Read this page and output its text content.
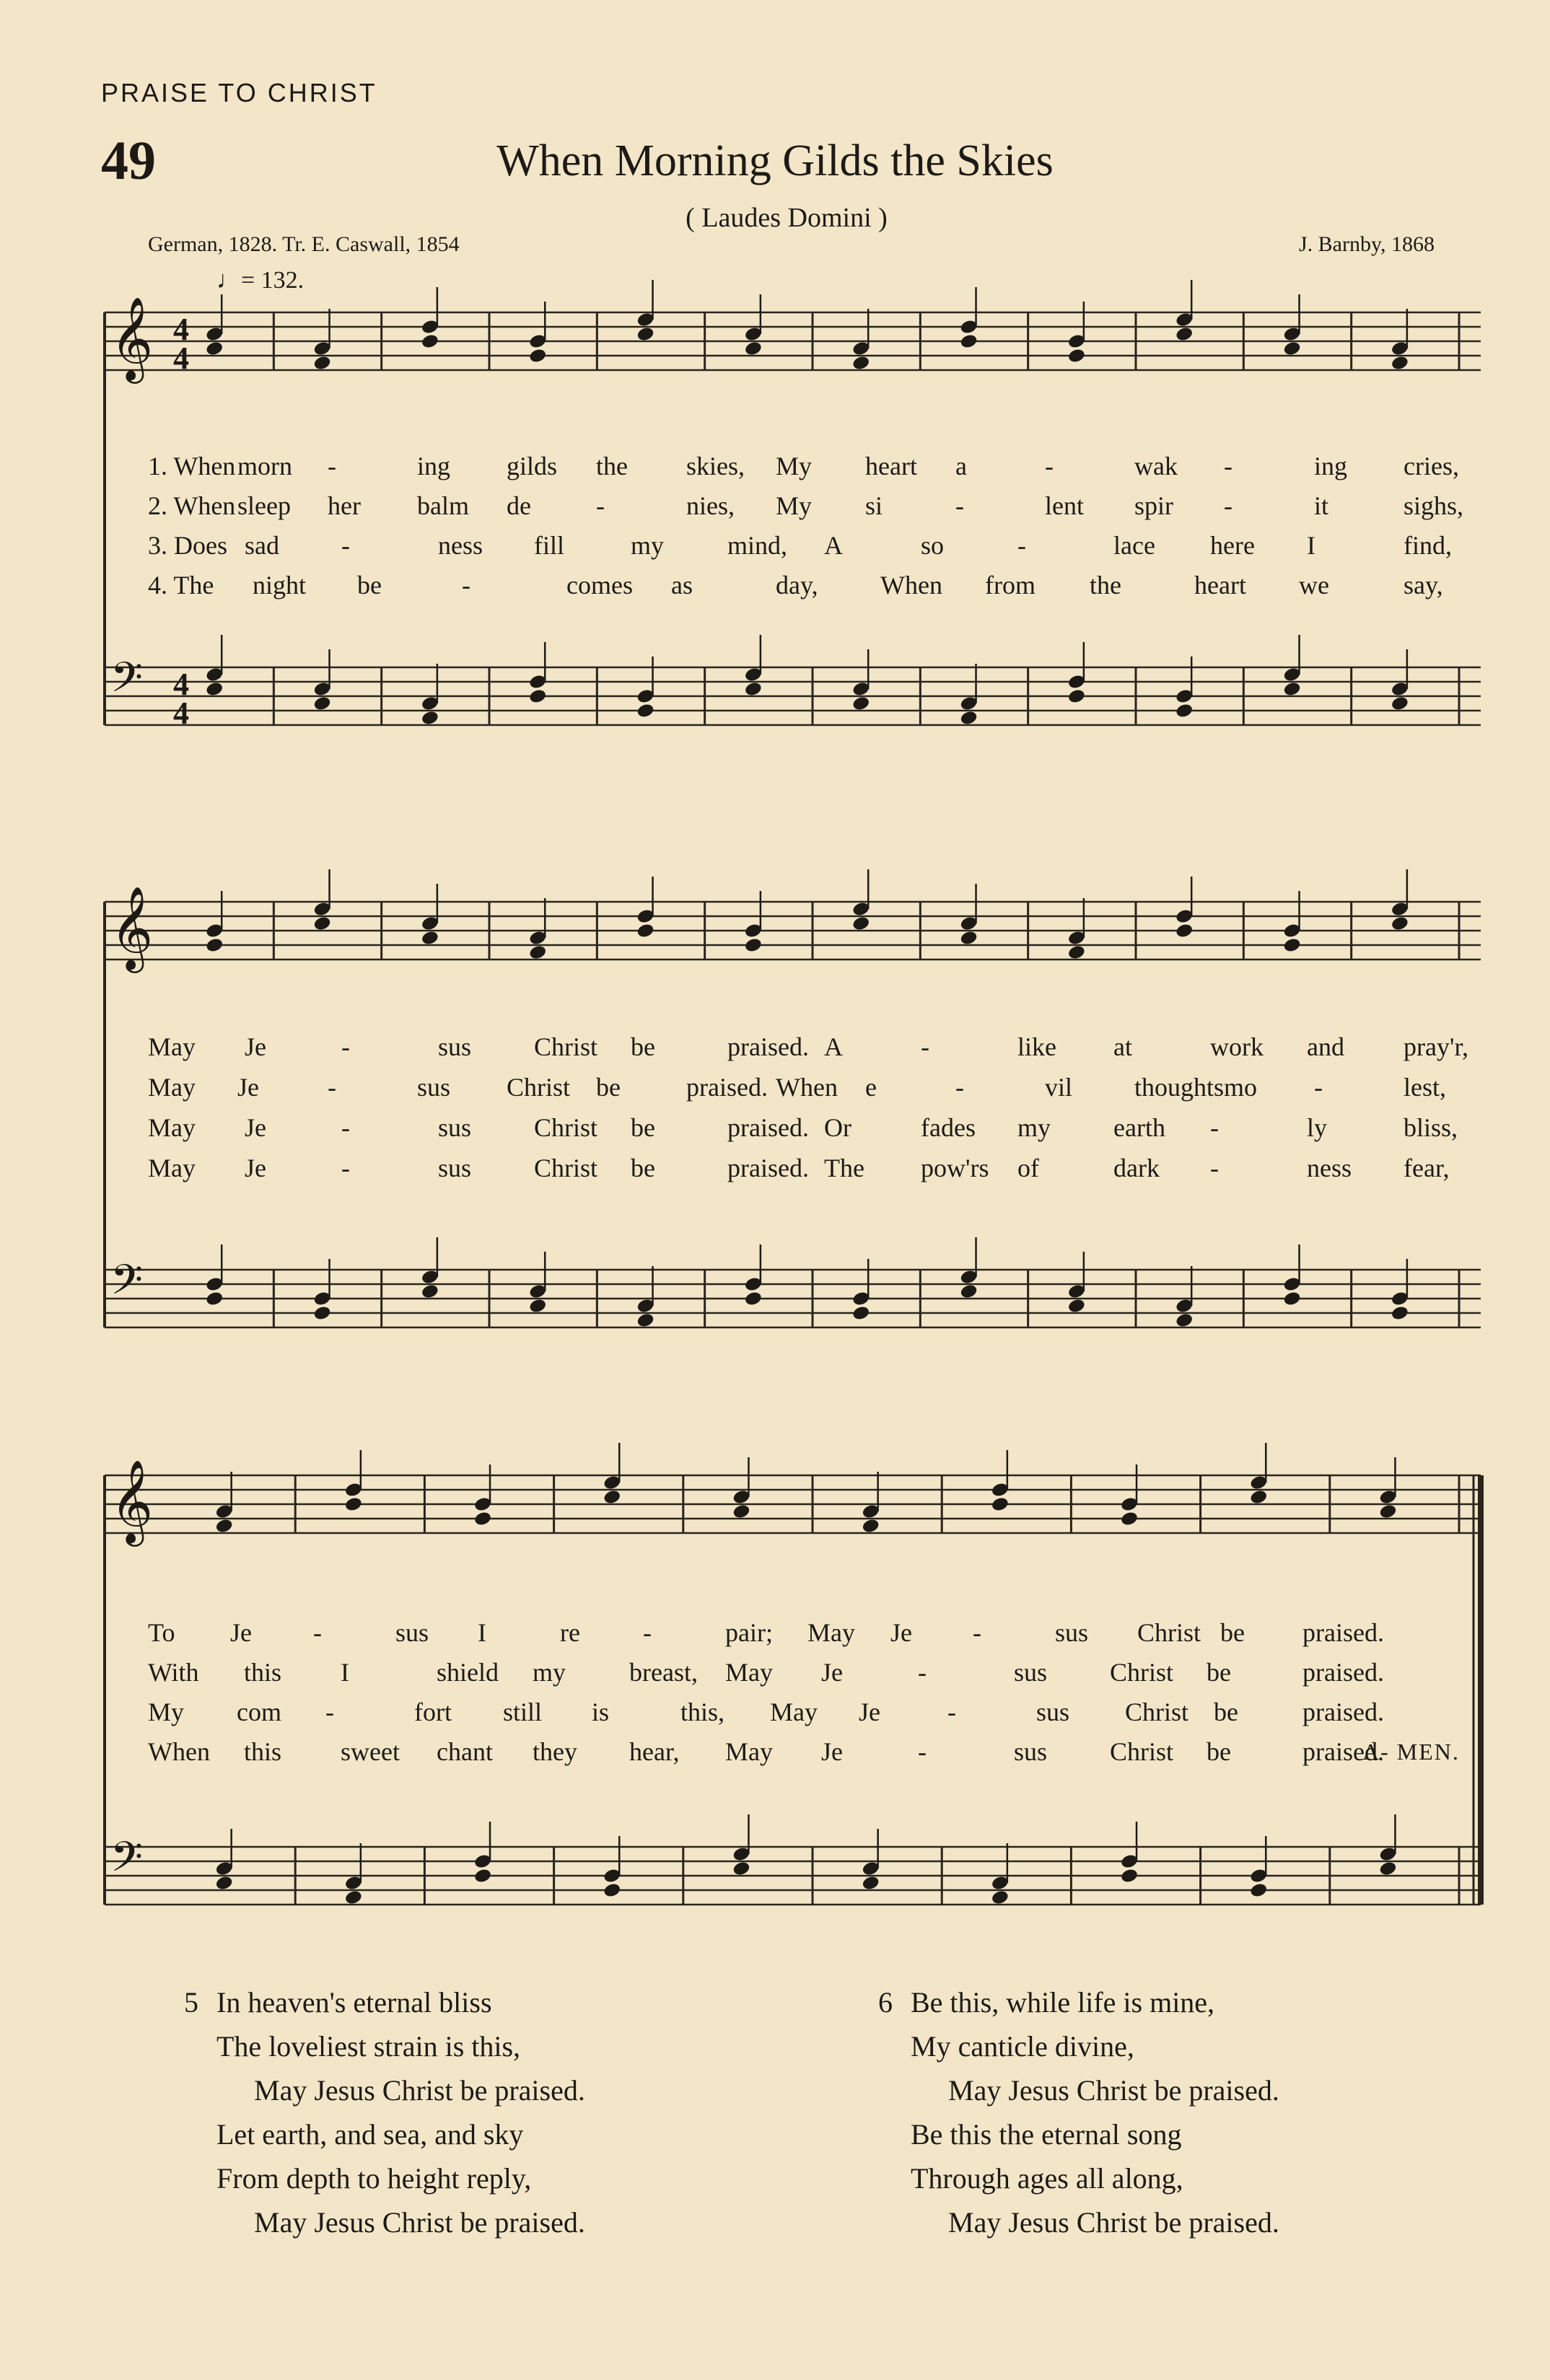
PRAISE TO CHRIST
49	When Morning Gilds the Skies
( Laudes Domini )
German, 1828. Tr. E. Caswall, 1854	J. Barnby, 1868
♩= 132.
𝄞
𝄢
𝄞
𝄢
𝄞
𝄢
4
4
4
4
1. When morn -	ing gilds the skies, My heart a	-	wak -	ing cries,
2. When sleep her balm de	-	nies, My si	-	lent spir -	it	sighs,
3. Does sad -	ness fill	my mind, A	so	-	lace here I	find,
4. The night be	-	comes as	day, When from the	heart we	say,
May Je	-	sus Christ be	praised. A	-	like at	work and pray'r,
May Je	-	sus Christ be	praised. When e	-	vil thoughts mo -	lest,
May Je	-	sus Christ be	praised. Or	fades my earth -	ly	bliss,
May Je	-	sus Christ be	praised. The pow'rs of	dark -	ness fear,
To Je -	sus I	re -	pair; May Je -	sus Christ be praised.
With this I	shield my breast, May Je	-	sus Christ be	praised.
My com -	fort still is	this, May Je	-	sus Christ be praised.
When this sweet chant they hear, May Je	-	sus Christ be	praised.
A- MEN.
5 In heaven's eternal bliss
The loveliest strain is this,
May Jesus Christ be praised.
Let earth, and sea, and sky
From depth to height reply,
May Jesus Christ be praised.
6 Be this, while life is mine,
My canticle divine,
May Jesus Christ be praised.
Be this the eternal song
Through ages all along,
May Jesus Christ be praised.
